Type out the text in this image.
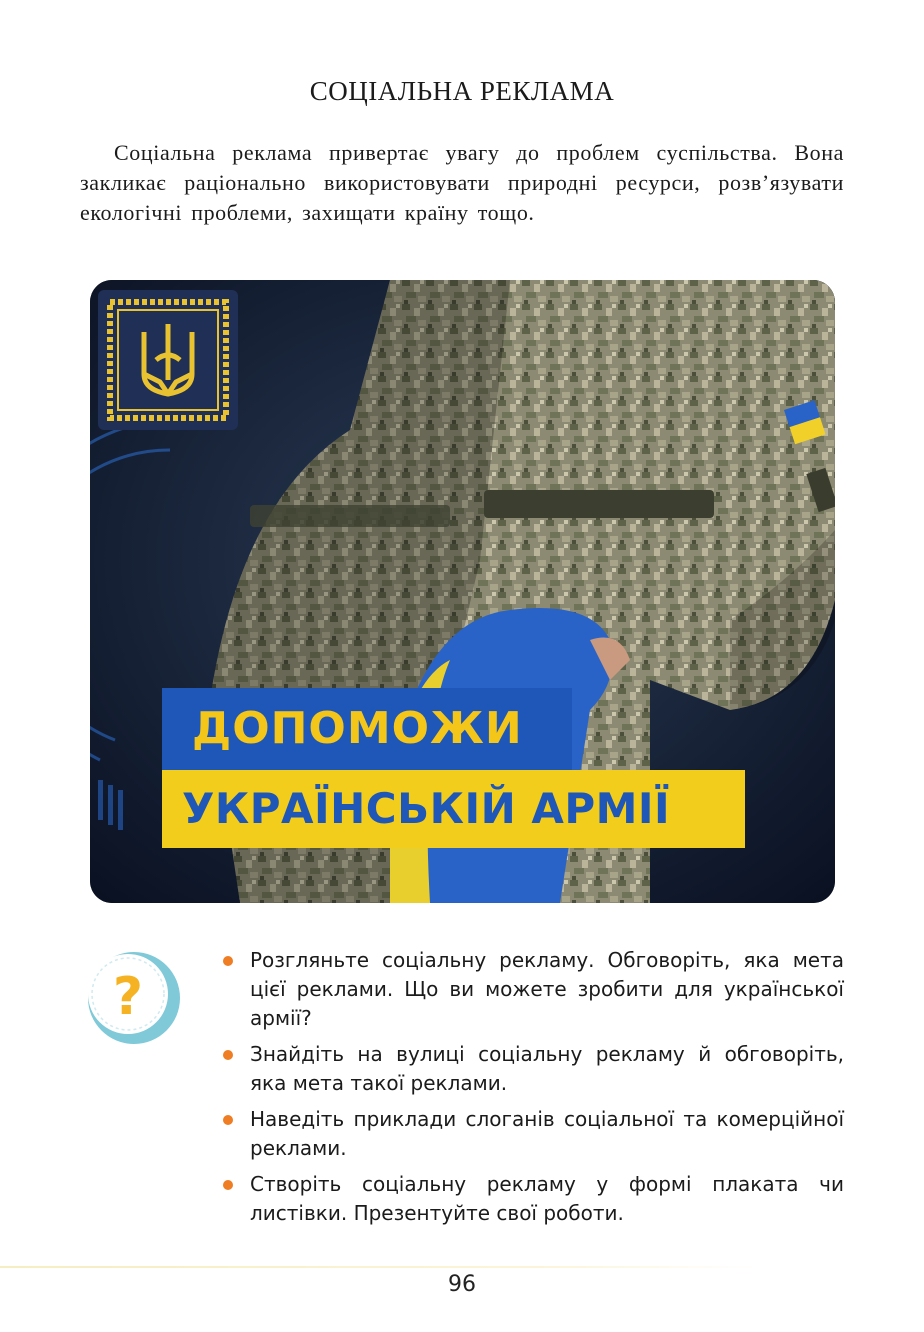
СОЦІАЛЬНА РЕКЛАМА

Соціальна реклама привертає увагу до проблем суспільства. Вона закликає раціонально використовувати природні ресурси, розв’язувати екологічні проблеми, захищати країну тощо.

ДОПОМОЖИ
УКРАЇНСЬКІЙ АРМІЇ
?
Розгляньте соціальну рекламу. Обговоріть, яка мета цієї реклами. Що ви можете зробити для української армії?
Знайдіть на вулиці соціальну рекламу й обговоріть, яка мета такої реклами.
Наведіть приклади слоганів соціальної та комерційної реклами.
Створіть соціальну рекламу у формі плаката чи листівки. Презентуйте свої роботи.
96
